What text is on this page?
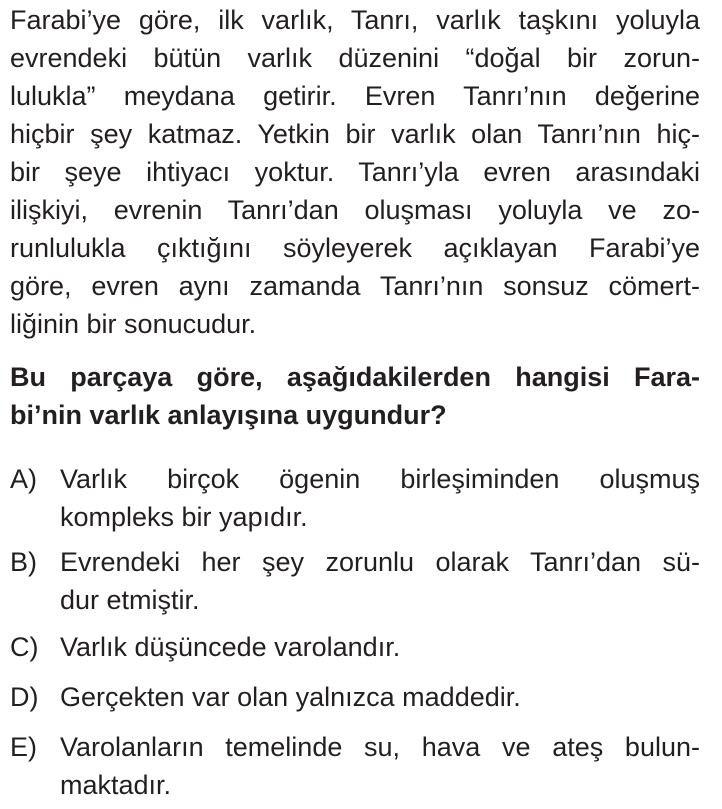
Farabi’ye göre, ilk varlık, Tanrı, varlık taşkını yoluyla
evrendeki bütün varlık düzenini “doğal bir zorun-
lulukla” meydana getirir. Evren Tanrı’nın değerine
hiçbir şey katmaz. Yetkin bir varlık olan Tanrı’nın hiç-
bir şeye ihtiyacı yoktur. Tanrı’yla evren arasındaki
ilişkiyi, evrenin Tanrı’dan oluşması yoluyla ve zo-
runlulukla çıktığını söyleyerek açıklayan Farabi’ye
göre, evren aynı zamanda Tanrı’nın sonsuz cömert-
liğinin bir sonucudur.
Bu parçaya göre, aşağıdakilerden hangisi Fara-
bi’nin varlık anlayışına uygundur?
A) Varlık birçok ögenin birleşiminden oluşmuş
kompleks bir yapıdır.
B) Evrendeki her şey zorunlu olarak Tanrı’dan sü-
dur etmiştir.
C) Varlık düşüncede varolandır.
D) Gerçekten var olan yalnızca maddedir.
E) Varolanların temelinde su, hava ve ateş bulun-
maktadır.
